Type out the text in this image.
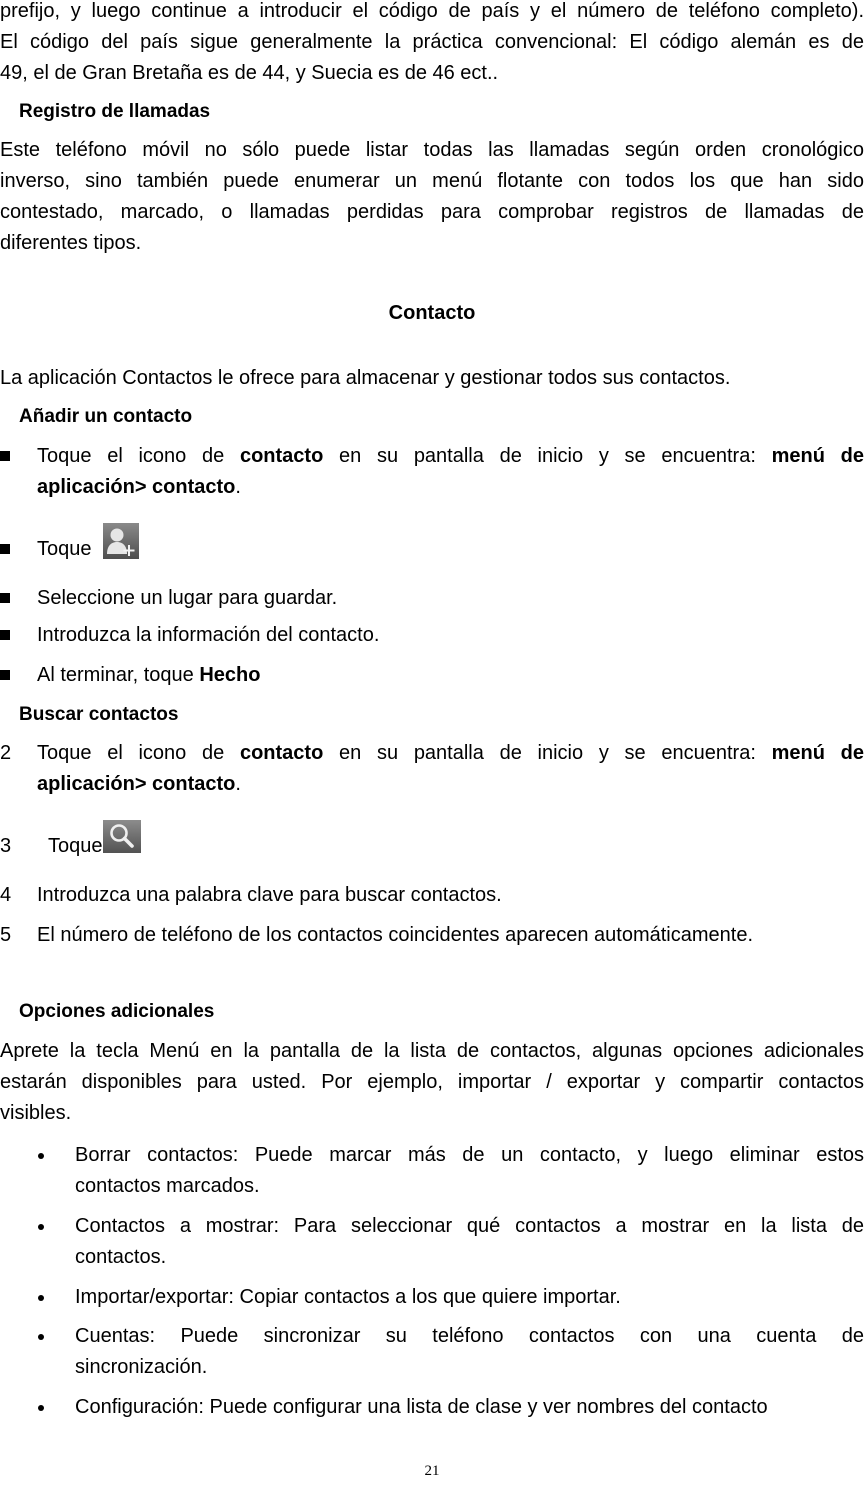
prefijo, y luego continue a introducir el código de país y el número de teléfono completo).
El código del país sigue generalmente la práctica convencional: El código alemán es de
49, el de Gran Bretaña es de 44, y Suecia es de 46 ect..
Registro de llamadas
Este teléfono móvil no sólo puede listar todas las llamadas según orden cronológico
inverso, sino también puede enumerar un menú flotante con todos los que han sido
contestado, marcado, o llamadas perdidas para comprobar registros de llamadas de
diferentes tipos.
Contacto
La aplicación Contactos le ofrece para almacenar y gestionar todos sus contactos.
Añadir un contacto
Toque el icono de contacto en su pantalla de inicio y se encuentra: menú de
aplicación> contacto.
Toque
Seleccione un lugar para guardar.
Introduzca la información del contacto.
Al terminar, toque Hecho
Buscar contactos
2 Toque el icono de contacto en su pantalla de inicio y se encuentra: menú de
aplicación> contacto.
3 Toque
4 Introduzca una palabra clave para buscar contactos.
5 El número de teléfono de los contactos coincidentes aparecen automáticamente.
Opciones adicionales
Aprete la tecla Menú en la pantalla de la lista de contactos, algunas opciones adicionales
estarán disponibles para usted. Por ejemplo, importar / exportar y compartir contactos
visibles.
Borrar contactos: Puede marcar más de un contacto, y luego eliminar estos
contactos marcados.
Contactos a mostrar: Para seleccionar qué contactos a mostrar en la lista de
contactos.
Importar/exportar: Copiar contactos a los que quiere importar.
Cuentas: Puede sincronizar su teléfono contactos con una cuenta de
sincronización.
Configuración: Puede configurar una lista de clase y ver nombres del contacto
21
